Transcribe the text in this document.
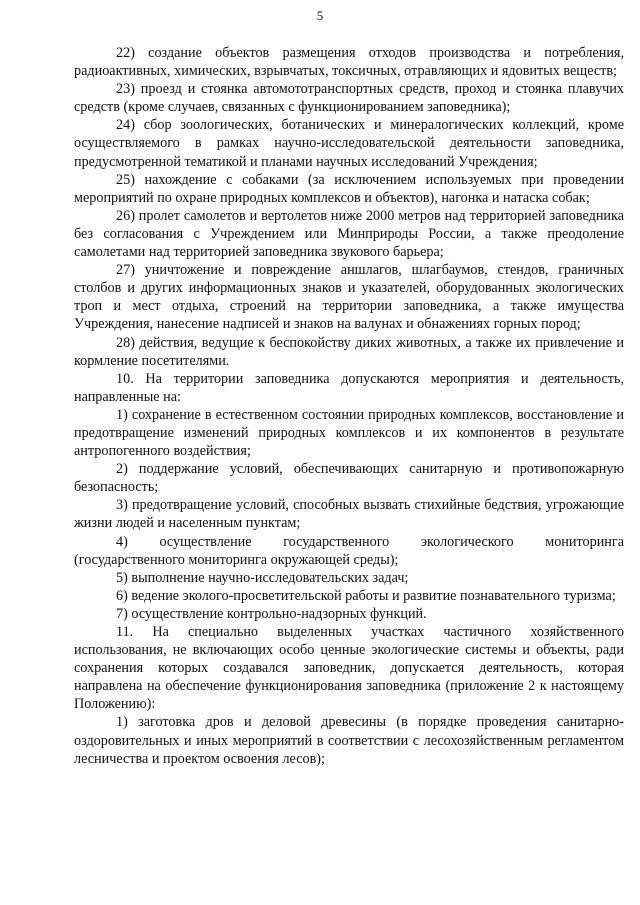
5

22) создание объектов размещения отходов производства и потребления, радиоактивных, химических, взрывчатых, токсичных, отравляющих и ядовитых веществ;

23) проезд и стоянка автомототранспортных средств, проход и стоянка плавучих средств (кроме случаев, связанных с функционированием заповедника);

24) сбор зоологических, ботанических и минералогических коллекций, кроме осуществляемого в рамках научно-исследовательской деятельности заповедника, предусмотренной тематикой и планами научных исследований Учреждения;

25) нахождение с собаками (за исключением используемых при проведении мероприятий по охране природных комплексов и объектов), нагонка и натаска собак;

26) пролет самолетов и вертолетов ниже 2000 метров над территорией заповедника без согласования с Учреждением или Минприроды России, а также преодоление самолетами над территорией заповедника звукового барьера;

27) уничтожение и повреждение аншлагов, шлагбаумов, стендов, граничных столбов и других информационных знаков и указателей, оборудованных экологических троп и мест отдыха, строений на территории заповедника, а также имущества Учреждения, нанесение надписей и знаков на валунах и обнажениях горных пород;

28) действия, ведущие к беспокойству диких животных, а также их привлечение и кормление посетителями.

10. На территории заповедника допускаются мероприятия и деятельность, направленные на:

1) сохранение в естественном состоянии природных комплексов, восстановление и предотвращение изменений природных комплексов и их компонентов в результате антропогенного воздействия;

2) поддержание условий, обеспечивающих санитарную и противопожарную безопасность;

3) предотвращение условий, способных вызвать стихийные бедствия, угрожающие жизни людей и населенным пунктам;

4) осуществление государственного экологического мониторинга (государственного мониторинга окружающей среды);

5) выполнение научно-исследовательских задач;

6) ведение эколого-просветительской работы и развитие познавательного туризма;

7) осуществление контрольно-надзорных функций.

11. На специально выделенных участках частичного хозяйственного использования, не включающих особо ценные экологические системы и объекты, ради сохранения которых создавался заповедник, допускается деятельность, которая направлена на обеспечение функционирования заповедника (приложение 2 к настоящему Положению):

1) заготовка дров и деловой древесины (в порядке проведения санитарно-оздоровительных и иных мероприятий в соответствии с лесохозяйственным регламентом лесничества и проектом освоения лесов);
